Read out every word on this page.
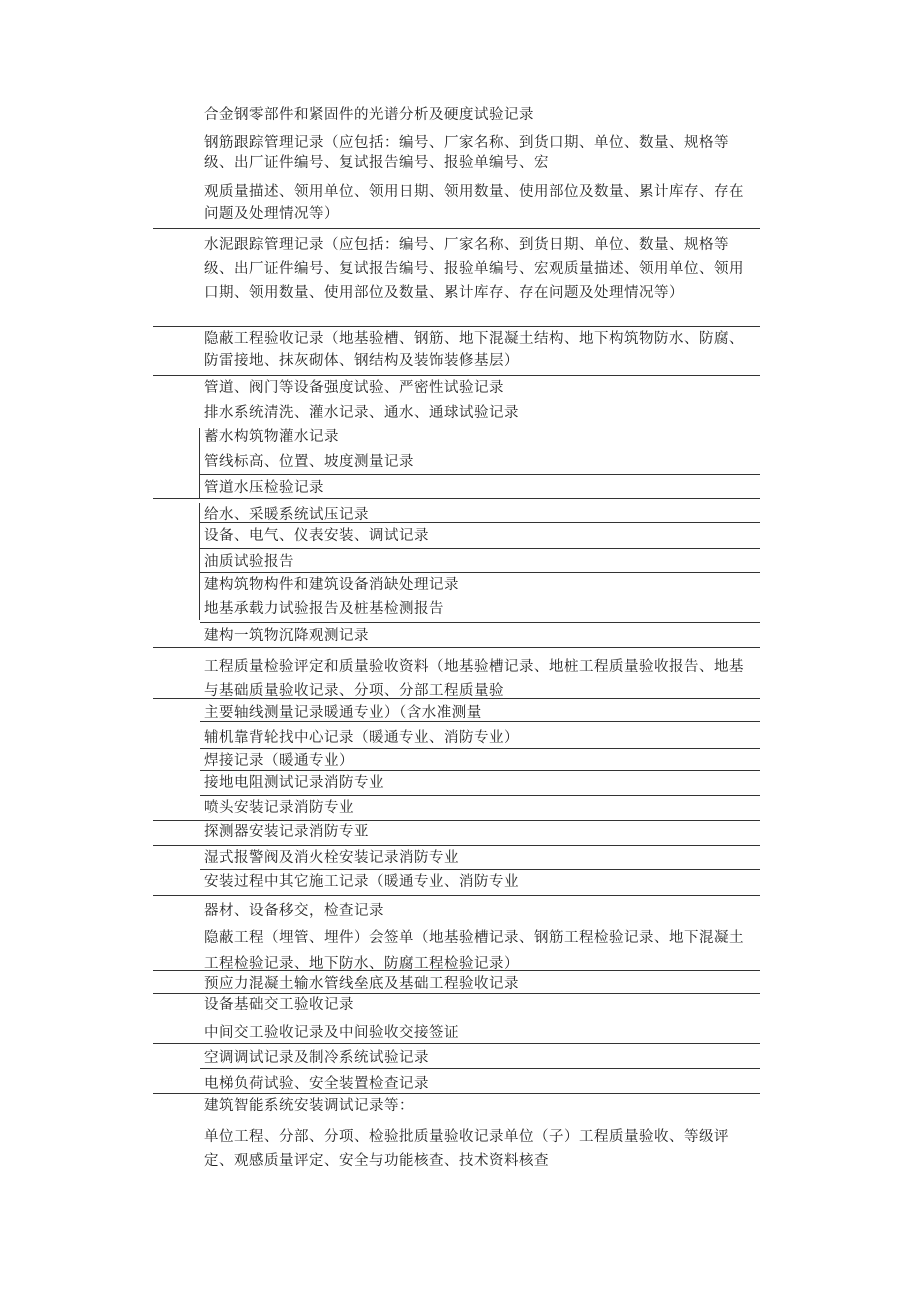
合金钢零部件和紧固件的光谱分析及硬度试验记录
钢筋跟踪管理记录（应包括：编号、厂家名称、到货口期、单位、数量、规格等
级、出厂证件编号、复试报告编号、报验单编号、宏
观质量描述、领用单位、领用日期、领用数量、使用部位及数量、累计库存、存在
问题及处理情况等）
水泥跟踪管理记录（应包括：编号、厂家名称、到货日期、单位、数量、规格等
级、出厂证件编号、复试报告编号、报验单编号、宏观质量描述、领用单位、领用
口期、领用数量、使用部位及数量、累计库存、存在问题及处理情况等）
隐蔽工程验收记录（地基验槽、钢筋、地下混凝土结构、地下构筑物防水、防腐、
防雷接地、抹灰砌体、钢结构及装饰装修基层）
管道、阀门等设备强度试验、严密性试验记录
排水系统清洗、灌水记录、通水、通球试验记录
蓄水构筑物灌水记录
管线标高、位置、坡度测量记录
管道水压检验记录
给水、采暖系统试压记录
设备、电气、仪表安装、调试记录
油质试验报告
建构筑物构件和建筑设备消缺处理记录
地基承载力试验报告及桩基检测报告
建构一筑物沉降观测记录
工程质量检验评定和质量验收资料（地基验槽记录、地桩工程质量验收报告、地基
与基础质量验收记录、分项、分部工程质量验
主要轴线测量记录暖通专业）（含水准测量
辅机靠背轮找中心记录（暖通专业、消防专业）
焊接记录（暖通专业）
接地电阻测试记录消防专业
喷头安装记录消防专业
探测器安装记录消防专亚
湿式报警阀及消火栓安装记录消防专业
安装过程中其它施工记录（暖通专业、消防专业
器材、设备移交，检查记录
隐蔽工程（埋管、埋件）会签单（地基验槽记录、钢筋工程检验记录、地下混凝土
工程检验记录、地下防水、防腐工程检验记录）
预应力混凝土输水管线垒底及基础工程验收记录
设备基础交工验收记录
中间交工验收记录及中间验收交接签证
空调调试记录及制冷系统试验记录
电梯负荷试验、安全装置检查记录
建筑智能系统安装调试记录等：
单位工程、分部、分项、检验批质量验收记录单位（子）工程质量验收、等级评
定、观感质量评定、安全与功能核查、技术资料核查
